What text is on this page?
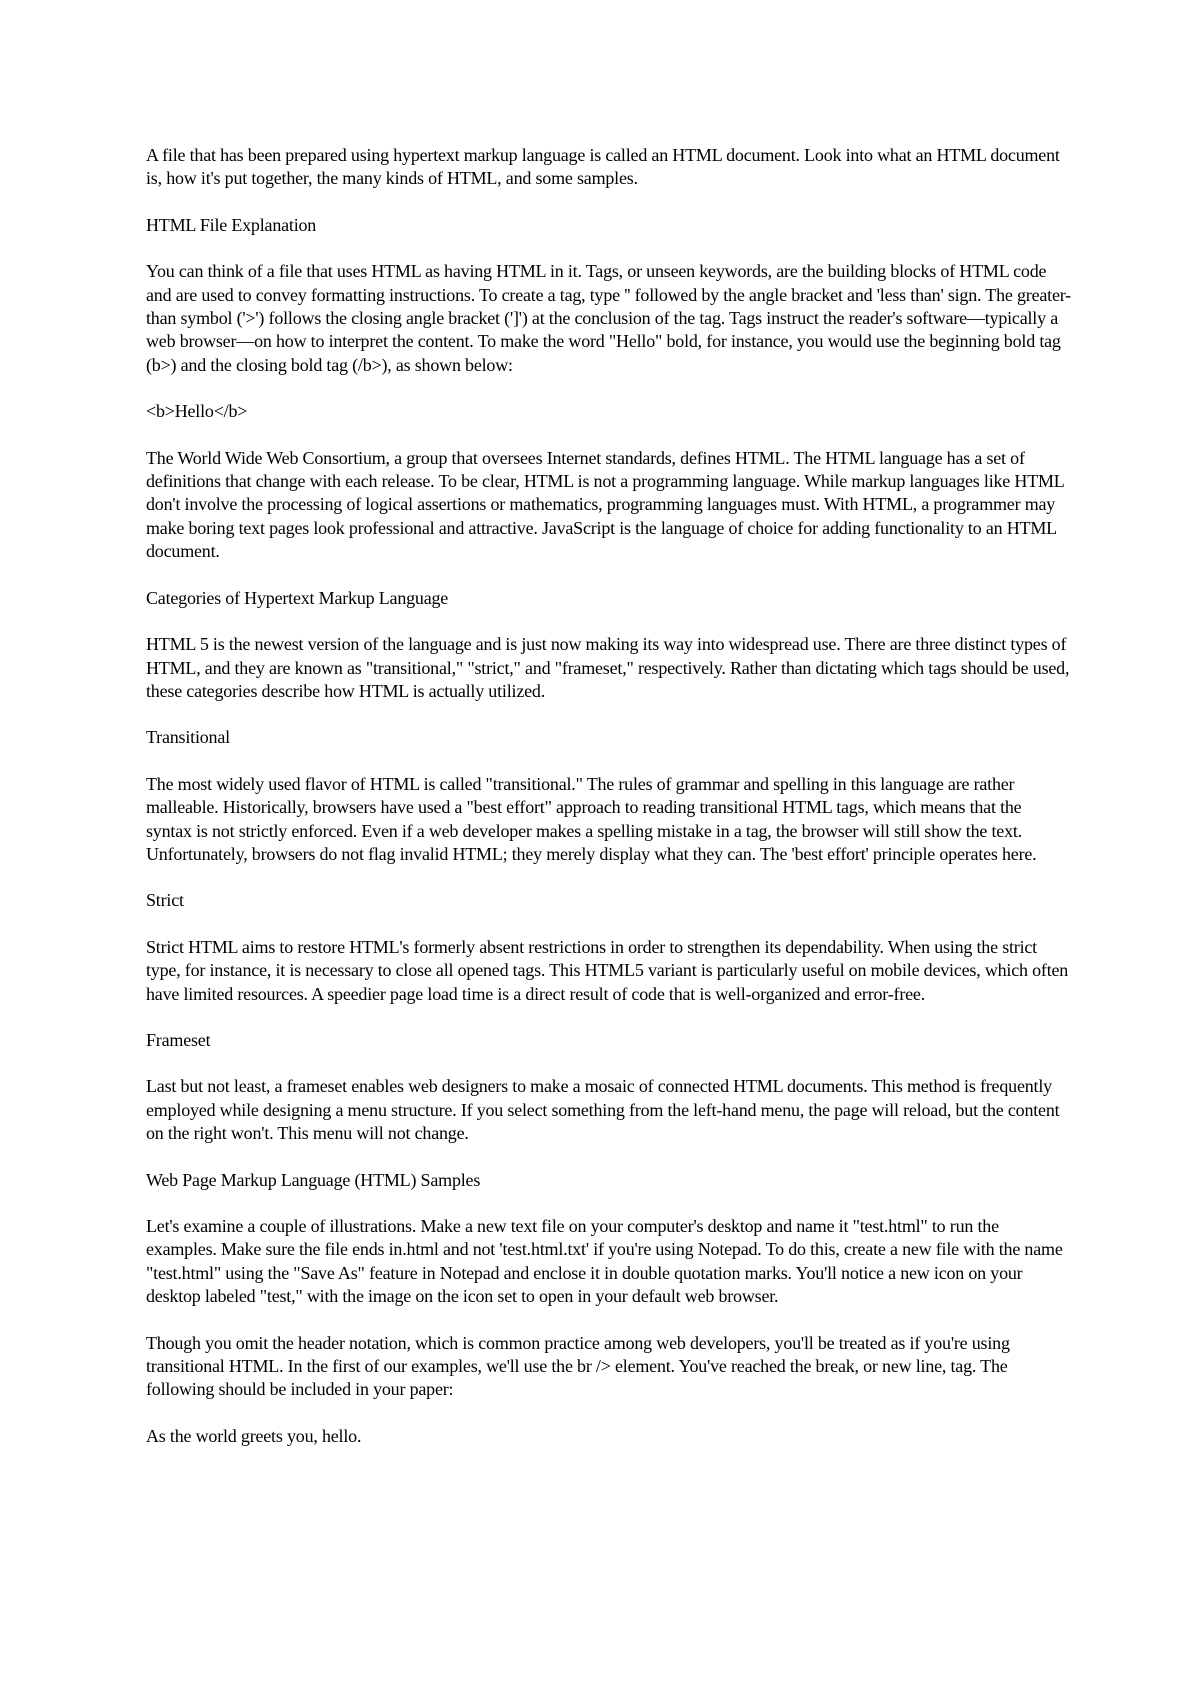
A file that has been prepared using hypertext markup language is called an HTML document. Look into what an HTML document is, how it's put together, the many kinds of HTML, and some samples.

HTML File Explanation

You can think of a file that uses HTML as having HTML in it. Tags, or unseen keywords, are the building blocks of HTML code and are used to convey formatting instructions. To create a tag, type '' followed by the angle bracket and 'less than' sign. The greater-than symbol ('>') follows the closing angle bracket (']') at the conclusion of the tag. Tags instruct the reader's software—typically a web browser—on how to interpret the content. To make the word "Hello" bold, for instance, you would use the beginning bold tag (b>) and the closing bold tag (/b>), as shown below:

<b>Hello</b>

The World Wide Web Consortium, a group that oversees Internet standards, defines HTML. The HTML language has a set of definitions that change with each release. To be clear, HTML is not a programming language. While markup languages like HTML don't involve the processing of logical assertions or mathematics, programming languages must. With HTML, a programmer may make boring text pages look professional and attractive. JavaScript is the language of choice for adding functionality to an HTML document.

Categories of Hypertext Markup Language

HTML 5 is the newest version of the language and is just now making its way into widespread use. There are three distinct types of HTML, and they are known as "transitional," "strict," and "frameset," respectively. Rather than dictating which tags should be used, these categories describe how HTML is actually utilized.

Transitional

The most widely used flavor of HTML is called "transitional." The rules of grammar and spelling in this language are rather malleable. Historically, browsers have used a "best effort" approach to reading transitional HTML tags, which means that the syntax is not strictly enforced. Even if a web developer makes a spelling mistake in a tag, the browser will still show the text. Unfortunately, browsers do not flag invalid HTML; they merely display what they can. The 'best effort' principle operates here.

Strict

Strict HTML aims to restore HTML's formerly absent restrictions in order to strengthen its dependability. When using the strict type, for instance, it is necessary to close all opened tags. This HTML5 variant is particularly useful on mobile devices, which often have limited resources. A speedier page load time is a direct result of code that is well-organized and error-free.

Frameset

Last but not least, a frameset enables web designers to make a mosaic of connected HTML documents. This method is frequently employed while designing a menu structure. If you select something from the left-hand menu, the page will reload, but the content on the right won't. This menu will not change.

Web Page Markup Language (HTML) Samples

Let's examine a couple of illustrations. Make a new text file on your computer's desktop and name it "test.html" to run the examples. Make sure the file ends in.html and not 'test.html.txt' if you're using Notepad. To do this, create a new file with the name "test.html" using the "Save As" feature in Notepad and enclose it in double quotation marks. You'll notice a new icon on your desktop labeled "test," with the image on the icon set to open in your default web browser.

Though you omit the header notation, which is common practice among web developers, you'll be treated as if you're using transitional HTML. In the first of our examples, we'll use the br /> element. You've reached the break, or new line, tag. The following should be included in your paper:

As the world greets you, hello.
